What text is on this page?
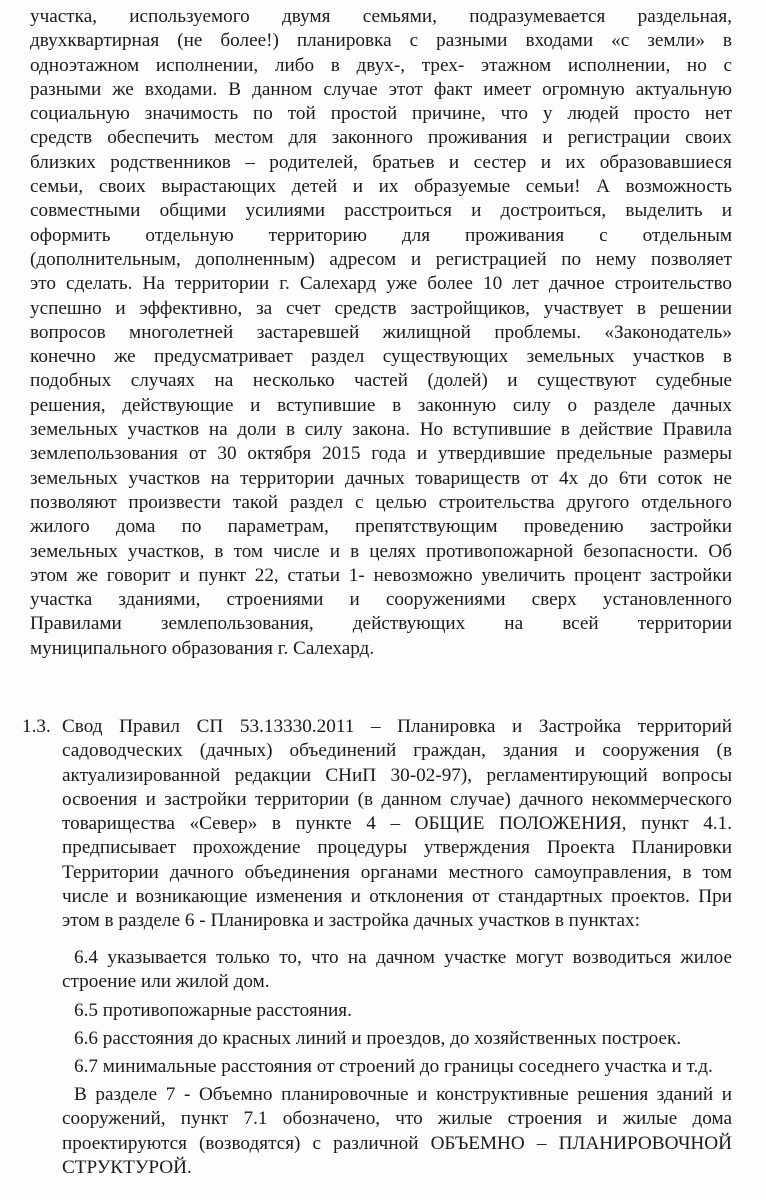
участка, используемого двумя семьями, подразумевается раздельная,
двухквартирная (не более!) планировка с разными входами «с земли» в
одноэтажном исполнении, либо в двух-, трех- этажном исполнении, но с
разными же входами. В данном случае этот факт имеет огромную актуальную
социальную значимость по той простой причине, что у людей просто нет
средств обеспечить местом для законного проживания и регистрации своих
близких родственников – родителей, братьев и сестер и их образовавшиеся
семьи, своих вырастающих детей и их образуемые семьи! А возможность
совместными общими усилиями расстроиться и достроиться, выделить и
оформить отдельную территорию для проживания с отдельным
(дополнительным, дополненным) адресом и регистрацией по нему позволяет
это сделать. На территории г. Салехард уже более 10 лет дачное строительство
успешно и эффективно, за счет средств застройщиков, участвует в решении
вопросов многолетней застаревшей жилищной проблемы. «Законодатель»
конечно же предусматривает раздел существующих земельных участков в
подобных случаях на несколько частей (долей) и существуют судебные
решения, действующие и вступившие в законную силу о разделе дачных
земельных участков на доли в силу закона. Но вступившие в действие Правила
землепользования от 30 октября 2015 года и утвердившие предельные размеры
земельных участков на территории дачных товариществ от 4х до 6ти соток не
позволяют произвести такой раздел с целью строительства другого отдельного
жилого дома по параметрам, препятствующим проведению застройки
земельных участков, в том числе и в целях противопожарной безопасности. Об
этом же говорит и пункт 22, статьи 1- невозможно увеличить процент застройки
участка зданиями, строениями и сооружениями сверх установленного
Правилами землепользования, действующих на всей территории
муниципального образования г. Салехард.
1.3. Свод Правил СП 53.13330.2011 – Планировка и Застройка территорий
садоводческих (дачных) объединений граждан, здания и сооружения (в
актуализированной редакции СНиП 30-02-97), регламентирующий вопросы
освоения и застройки территории (в данном случае) дачного некоммерческого
товарищества «Север» в пункте 4 – ОБЩИЕ ПОЛОЖЕНИЯ, пункт 4.1.
предписывает прохождение процедуры утверждения Проекта Планировки
Территории дачного объединения органами местного самоуправления, в том
числе и возникающие изменения и отклонения от стандартных проектов. При
этом в разделе 6 - Планировка и застройка дачных участков в пунктах:
6.4 указывается только то, что на дачном участке могут возводиться жилое
строение или жилой дом.
6.5 противопожарные расстояния.
6.6 расстояния до красных линий и проездов, до хозяйственных построек.
6.7 минимальные расстояния от строений до границы соседнего участка и т.д.
В разделе 7 - Объемно планировочные и конструктивные решения зданий и
сооружений, пункт 7.1 обозначено, что жилые строения и жилые дома
проектируются (возводятся) с различной ОБЪЕМНО – ПЛАНИРОВОЧНОЙ
СТРУКТУРОЙ.
